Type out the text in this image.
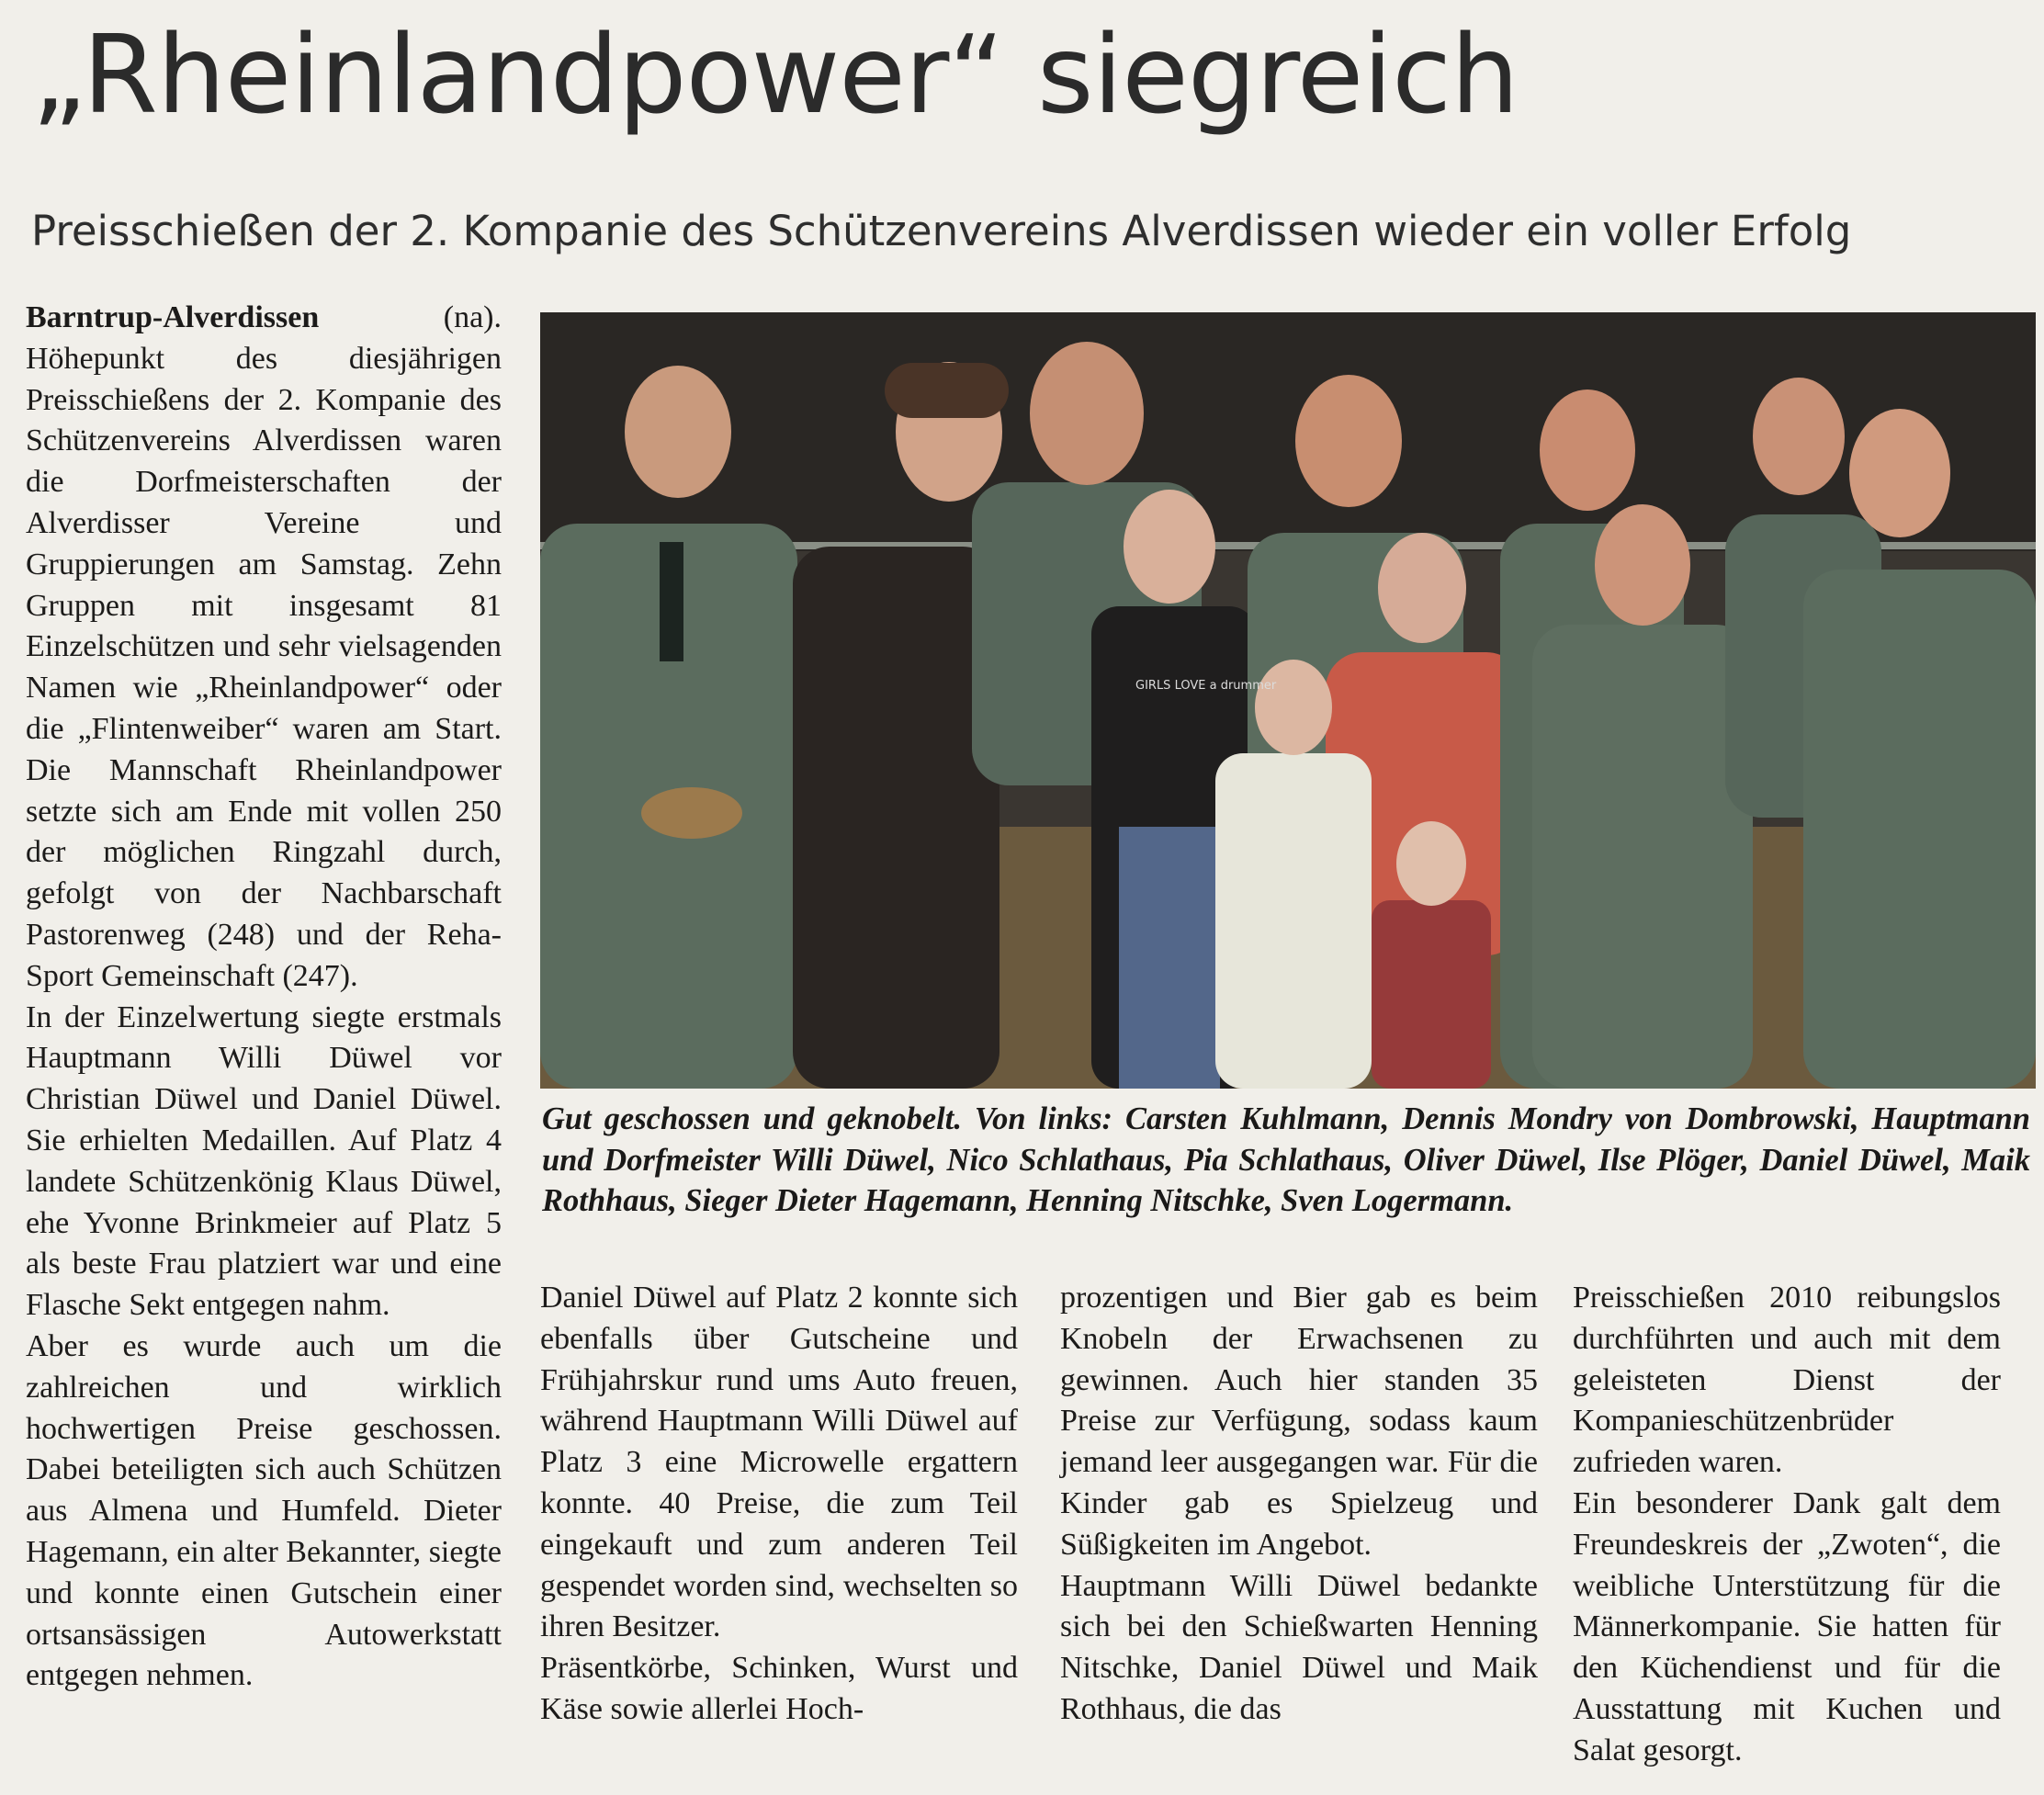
„Rheinlandpower“ siegreich
Preisschießen der 2. Kompanie des Schützenvereins Alverdissen wieder ein voller Erfolg

Barntrup-Alverdissen (na). Höhepunkt des diesjährigen Preisschießens der 2. Kompanie des Schützenvereins Alverdissen waren die Dorfmeisterschaften der Alverdisser Vereine und Gruppierungen am Samstag. Zehn Gruppen mit insgesamt 81 Einzelschützen und sehr vielsagenden Namen wie „Rheinlandpower“ oder die „Flintenweiber“ waren am Start. Die Mannschaft Rheinlandpower setzte sich am Ende mit vollen 250 der möglichen Ringzahl durch, gefolgt von der Nachbarschaft Pastorenweg (248) und der Reha-Sport Gemeinschaft (247).

In der Einzelwertung siegte erstmals Hauptmann Willi Düwel vor Christian Düwel und Daniel Düwel. Sie erhielten Medaillen. Auf Platz 4 landete Schützenkönig Klaus Düwel, ehe Yvonne Brinkmeier auf Platz 5 als beste Frau platziert war und eine Flasche Sekt entgegen nahm.

Aber es wurde auch um die zahlreichen und wirklich hochwertigen Preise geschossen. Dabei beteiligten sich auch Schützen aus Almena und Humfeld. Dieter Hagemann, ein alter Bekannter, siegte und konnte einen Gutschein einer ortsansässigen Autowerkstatt entgegen nehmen.

GIRLS LOVE a drummer

Gut geschossen und geknobelt. Von links: Carsten Kuhlmann, Dennis Mondry von Dombrowski, Hauptmann und Dorfmeister Willi Düwel, Nico Schlathaus, Pia Schlathaus, Oliver Düwel, Ilse Plöger, Daniel Düwel, Maik Rothhaus, Sieger Dieter Hagemann, Henning Nitschke, Sven Logermann.

Daniel Düwel auf Platz 2 konnte sich ebenfalls über Gutscheine und Frühjahrskur rund ums Auto freuen, während Hauptmann Willi Düwel auf Platz 3 eine Microwelle ergattern konnte. 40 Preise, die zum Teil eingekauft und zum anderen Teil gespendet worden sind, wechselten so ihren Besitzer.

Präsentkörbe, Schinken, Wurst und Käse sowie allerlei Hoch-

prozentigen und Bier gab es beim Knobeln der Erwachsenen zu gewinnen. Auch hier standen 35 Preise zur Verfügung, sodass kaum jemand leer ausgegangen war. Für die Kinder gab es Spielzeug und Süßigkeiten im Angebot.

Hauptmann Willi Düwel bedankte sich bei den Schießwarten Henning Nitschke, Daniel Düwel und Maik Rothhaus, die das

Preisschießen 2010 reibungslos durchführten und auch mit dem geleisteten Dienst der Kompanieschützenbrüder zufrieden waren.

Ein besonderer Dank galt dem Freundeskreis der „Zwoten“, die weibliche Unterstützung für die Männerkompanie. Sie hatten für den Küchendienst und für die Ausstattung mit Kuchen und Salat gesorgt.
